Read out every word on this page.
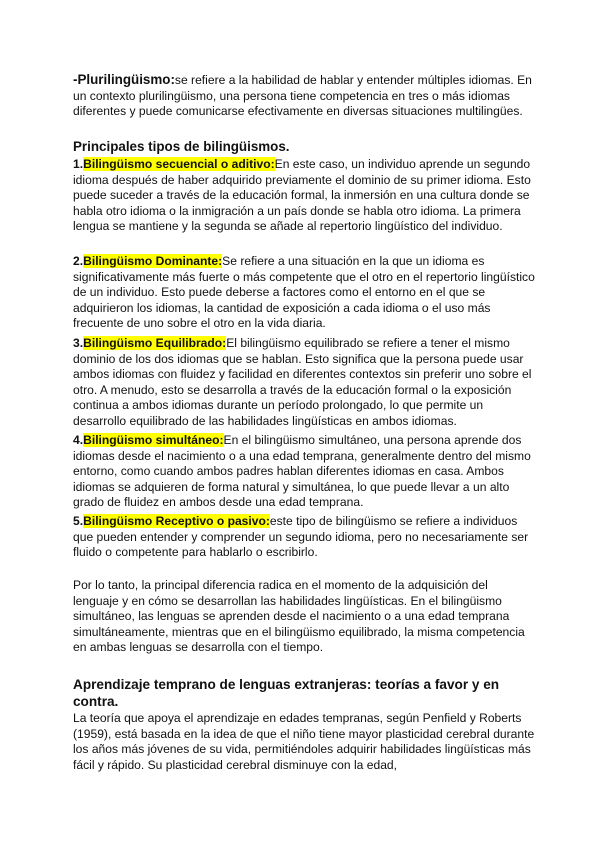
-Plurilingüismo:se refiere a la habilidad de hablar y entender múltiples idiomas. En un contexto plurilingüismo, una persona tiene competencia en tres o más idiomas diferentes y puede comunicarse efectivamente en diversas situaciones multilingües.

Principales tipos de bilingüismos.

1.Bilingüismo secuencial o aditivo:En este caso, un individuo aprende un segundo idioma después de haber adquirido previamente el dominio de su primer idioma. Esto puede suceder a través de la educación formal, la inmersión en una cultura donde se habla otro idioma o la inmigración a un país donde se habla otro idioma. La primera lengua se mantiene y la segunda se añade al repertorio lingüístico del individuo.

2.Bilingüismo Dominante:Se refiere a una situación en la que un idioma es significativamente más fuerte o más competente que el otro en el repertorio lingüístico de un individuo. Esto puede deberse a factores como el entorno en el que se adquirieron los idiomas, la cantidad de exposición a cada idioma o el uso más frecuente de uno sobre el otro en la vida diaria.

3.Bilingüismo Equilibrado:El bilingüismo equilibrado se refiere a tener el mismo dominio de los dos idiomas que se hablan. Esto significa que la persona puede usar ambos idiomas con fluidez y facilidad en diferentes contextos sin preferir uno sobre el otro. A menudo, esto se desarrolla a través de la educación formal o la exposición continua a ambos idiomas durante un período prolongado, lo que permite un desarrollo equilibrado de las habilidades lingüísticas en ambos idiomas.

4.Bilingüismo simultáneo:En el bilingüismo simultáneo, una persona aprende dos idiomas desde el nacimiento o a una edad temprana, generalmente dentro del mismo entorno, como cuando ambos padres hablan diferentes idiomas en casa. Ambos idiomas se adquieren de forma natural y simultánea, lo que puede llevar a un alto grado de fluidez en ambos desde una edad temprana.

5.Bilingüismo Receptivo o pasivo:este tipo de bilingüismo se refiere a individuos que pueden entender y comprender un segundo idioma, pero no necesariamente ser fluido o competente para hablarlo o escribirlo.

Por lo tanto, la principal diferencia radica en el momento de la adquisición del lenguaje y en cómo se desarrollan las habilidades lingüísticas. En el bilingüismo simultáneo, las lenguas se aprenden desde el nacimiento o a una edad temprana simultáneamente, mientras que en el bilingüismo equilibrado, la misma competencia en ambas lenguas se desarrolla con el tiempo.

Aprendizaje temprano de lenguas extranjeras: teorías a favor y en contra.

La teoría que apoya el aprendizaje en edades tempranas, según Penfield y Roberts (1959), está basada en la idea de que el niño tiene mayor plasticidad cerebral durante los años más jóvenes de su vida, permitiéndoles adquirir habilidades lingüísticas más fácil y rápido. Su plasticidad cerebral disminuye con la edad,
